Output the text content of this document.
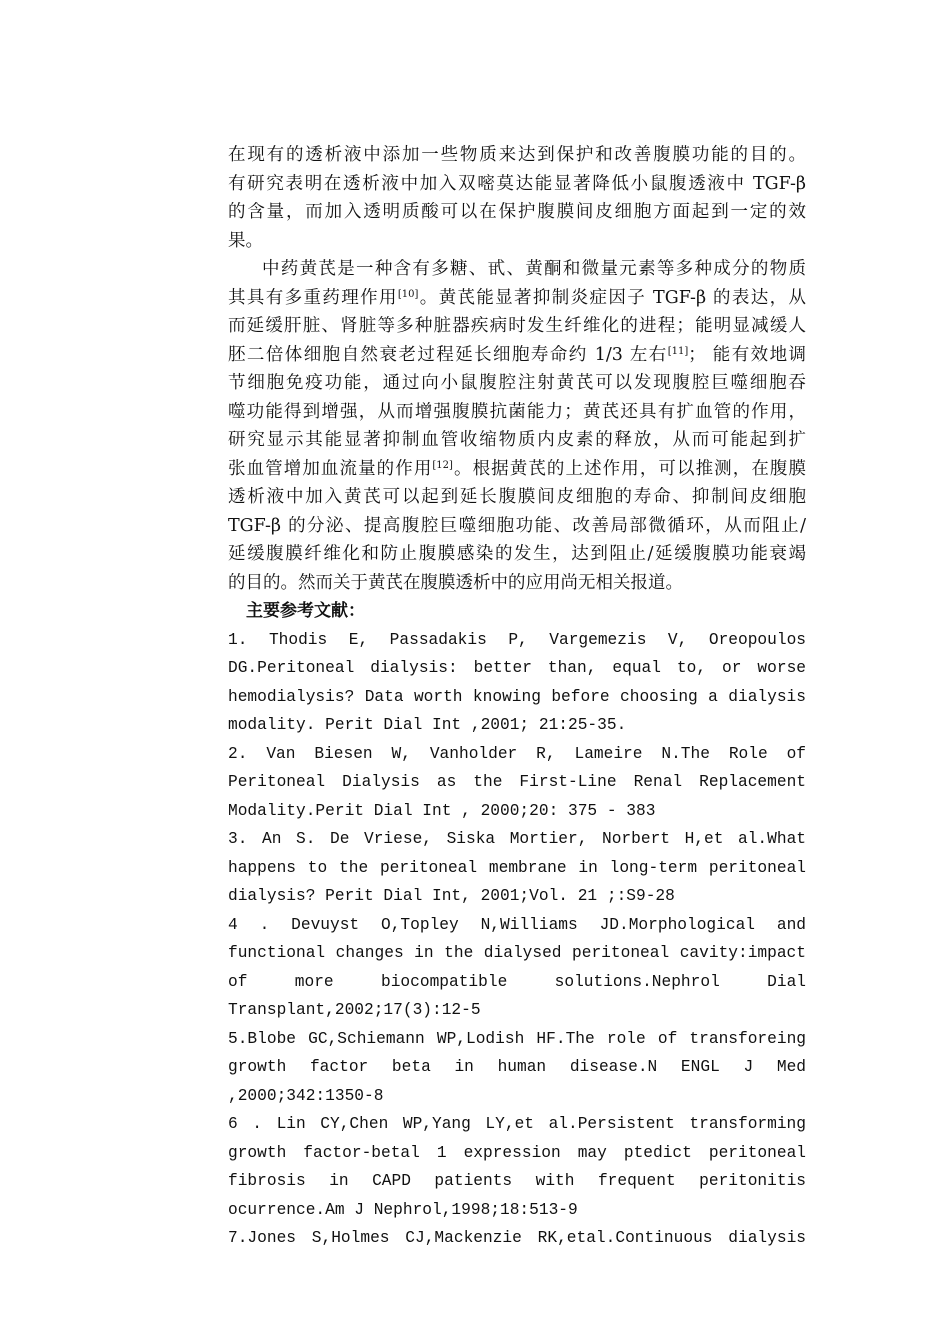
在现有的透析液中添加一些物质来达到保护和改善腹膜功能的目的。
有研究表明在透析液中加入双嘧莫达能显著降低小鼠腹透液中 TGF-β
的含量，而加入透明质酸可以在保护腹膜间皮细胞方面起到一定的效
果。
中药黄芪是一种含有多糖、甙、黄酮和微量元素等多种成分的物质
其具有多重药理作用[10]。黄芪能显著抑制炎症因子 TGF-β 的表达，从
而延缓肝脏、肾脏等多种脏器疾病时发生纤维化的进程；能明显减缓人
胚二倍体细胞自然衰老过程延长细胞寿命约 1/3 左右[11]； 能有效地调
节细胞免疫功能，通过向小鼠腹腔注射黄芪可以发现腹腔巨噬细胞吞
噬功能得到增强，从而增强腹膜抗菌能力；黄芪还具有扩血管的作用，
研究显示其能显著抑制血管收缩物质内皮素的释放，从而可能起到扩
张血管增加血流量的作用[12]。根据黄芪的上述作用，可以推测，在腹膜
透析液中加入黄芪可以起到延长腹膜间皮细胞的寿命、抑制间皮细胞
TGF-β 的分泌、提高腹腔巨噬细胞功能、改善局部微循环，从而阻止/
延缓腹膜纤维化和防止腹膜感染的发生，达到阻止/延缓腹膜功能衰竭
的目的。然而关于黄芪在腹膜透析中的应用尚无相关报道。
主要参考文献：
1. Thodis E, Passadakis P, Vargemezis V, Oreopoulos
DG.Peritoneal dialysis: better than, equal to, or worse
hemodialysis? Data worth knowing before choosing a dialysis
modality. Perit Dial Int ,2001; 21:25-35.
2. Van Biesen W, Vanholder R, Lameire N.The Role of
Peritoneal Dialysis as the First-Line Renal Replacement
Modality.Perit Dial Int , 2000;20: 375 - 383
3. An S. De Vriese, Siska Mortier, Norbert H,et al.What
happens to the peritoneal membrane in long-term peritoneal
dialysis? Perit Dial Int, 2001;Vol. 21 ;:S9-28
4 . Devuyst O,Topley N,Williams JD.Morphological and
functional changes in the dialysed peritoneal cavity:impact
of more biocompatible solutions.Nephrol Dial
Transplant,2002;17(3):12-5
5.Blobe GC,Schiemann WP,Lodish HF.The role of transforeing
growth factor beta in human disease.N ENGL J Med
,2000;342:1350-8
6 . Lin CY,Chen WP,Yang LY,et al.Persistent transforming
growth factor-betal 1 expression may ptedict peritoneal
fibrosis in CAPD patients with frequent peritonitis
ocurrence.Am J Nephrol,1998;18:513-9
7.Jones S,Holmes CJ,Mackenzie RK,etal.Continuous dialysis
